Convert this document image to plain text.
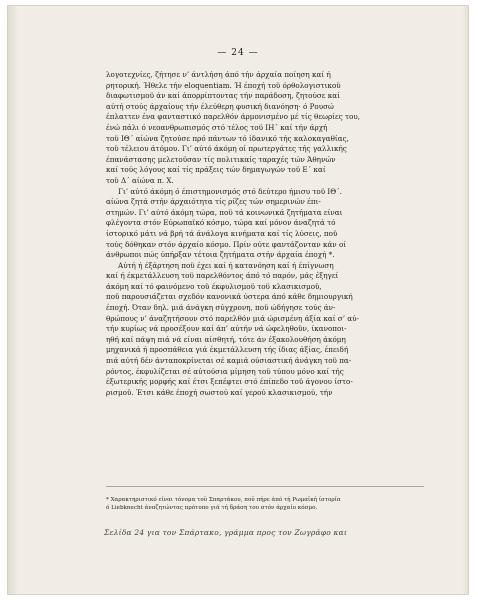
— 24 —
λογοτεχνίες, ζήτησε ν’ άντλήση άπό τήν άρχαία ποίηση καί ή
ρητορική. Ήθελε τήν eloquentiam. Ή έποχή τοϋ όρθολογιστικοϋ
διαφωτισμοϋ άν καί άπορρίπτοντας τήν παράδοση, ζητούσε καί
αύτή στούς άρχαίους τήν έλεύθερη φυσική διανόηση· ό Ρουσώ
έπλαττεν ένα φανταστικό παρελθόν άρμονισμένο μέ τίς θεωρίες του,
ένώ πάλι ό νεοανθρωπισμός στό τέλος τοϋ ΙΗ΄ καί τήν άρχή
τοϋ ΙΘ΄ αίώνα ζητούσε πρό πάντων τό ίδανικό τής καλοκαγαθίας,
τοϋ τέλειου άτόμου. Γι’ αύτό άκόμη οί πρωτεργάτες τής γαλλικής
έπανάστασης μελετοϋσαν τίς πολιτικαίς ταραχές τών Άθηνών
καί τούς λόγους καί τίς πράξεις τών δημαγωγών τοϋ Ε΄ καί
τοϋ Δ΄ αίώνα π. Χ.
Γι’ αύτό άκόμη ό έπιστημονισμός στό δεύτερο ήμισυ τοϋ ΙΘ΄.
αίώνα ζητά στήν άρχαιότητα τίς ρίζες τών σημερινών έπι-
στημών. Γι’ αύτό άκόμη τώρα, ποϋ τά κοινωνικά ζητήματα είναι
φλέγοντα στόν Εύρωπαϊκό κόσμο, τώρα καί μόνον άναζητά τό
ίστορικό μάτι νά βρή τά άνάλογα κινήματα καί τίς λύσεις, ποϋ
τούς δόθηκαν στόν άρχαίο κόσμο. Πρίν ούτε φαντάζονταν κάν οί
άνθρωποι πώς ύπήρξαν τέτοια ζητήματα στήν άρχαία έποχή *.
Αύτή ή έξάρτηση ποϋ έχει καί ή κατανόηση καί ή έπίγνωση
καί ή έκμετάλλευση τοϋ παρελθόντος άπό τό παρόν, μάς έξηγεί
άκόμη καί τό φαινόμενο τοϋ έκφυλισμοϋ τοϋ κλασικισμοϋ,
ποϋ παρουσιάζεται σχεδόν κανονικά ύστερα άπό κάθε δημιουργική
έποχή. Όταν δηλ. μιά άνάγκη σύγχρονη, ποϋ ώδήγησε τούς άν-
θρώπους ν’ άναζητήσουν στό παρελθόν μιά ώρισμένη άξία καί σ’ αύ-
τήν κυρίως νά προσέξουν καί άπ’ αύτήν νά ώφεληθοϋν, ίκανοποι-
ηθή καί πάψη πιά νά είναι αίσθητή, τότε άν έξακολουθήση άκόμη
μηχανικά ή προσπάθεια γιά έκμετάλλευση τής ίδιας άξίας, έπειδή
πιά αύτή δέν άνταποκρίνεται σέ καμιά ούσιαστική άνάγκη τοϋ πα-
ρόντος, έκφυλίζεται σέ αύτούσια μίμηση τοϋ τύπου μόνο καί τής
έξωτερικής μορφής καί έτσι ξεπέφτει στό έπίπεδο τοϋ άγονου ίστο-
ρισμοϋ. Έτσι κάθε έποχή σωστού καί γερού κλασικισμού, τήν
* Χαρακτηριστικό είναι τόνομα τοϋ Σπαρτάκου, ποϋ πήρε άπό τή Ρωμαϊκή ίστορία
ό Liebknecht άναζητώντας πρότυπο γιά τή δράση του στόν άρχαίο κόσμο.
Σελίδα 24 για τον Σπάρτακο, γράμμα προς τον Ζωγράφο και
